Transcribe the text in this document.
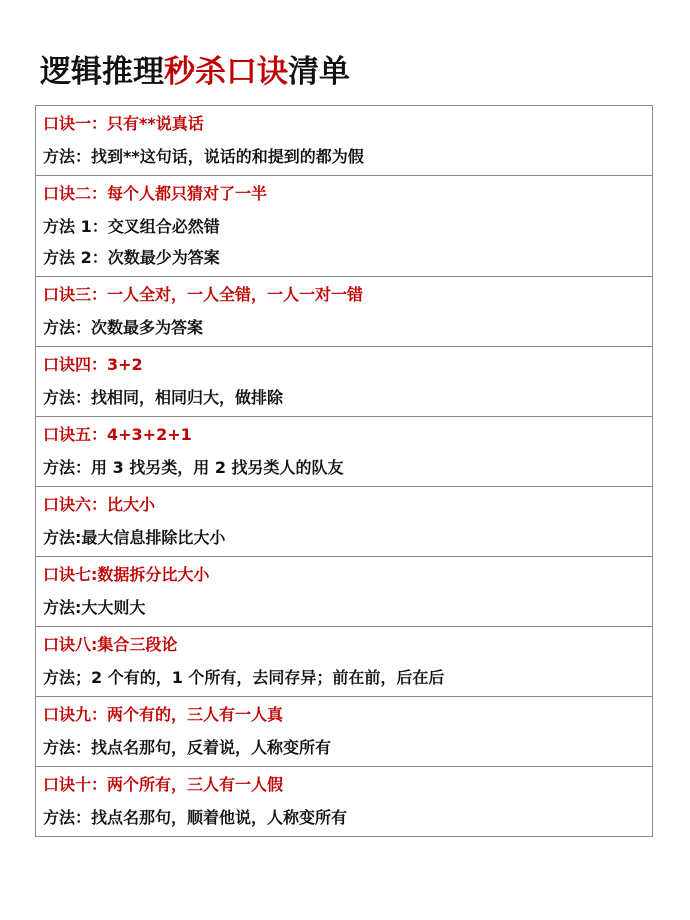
逻辑推理秒杀口诀清单
口诀一：只有**说真话
方法：找到**这句话，说话的和提到的都为假
口诀二：每个人都只猜对了一半
方法 1：交叉组合必然错
方法 2：次数最少为答案
口诀三：一人全对，一人全错，一人一对一错
方法：次数最多为答案
口诀四：3+2
方法：找相同，相同归大，做排除
口诀五：4+3+2+1
方法：用 3 找另类，用 2 找另类人的队友
口诀六：比大小
方法:最大信息排除比大小
口诀七:数据拆分比大小
方法:大大则大
口诀八:集合三段论
方法；2 个有的，1 个所有，去同存异；前在前，后在后
口诀九：两个有的，三人有一人真
方法：找点名那句，反着说，人称变所有
口诀十：两个所有，三人有一人假
方法：找点名那句，顺着他说，人称变所有
